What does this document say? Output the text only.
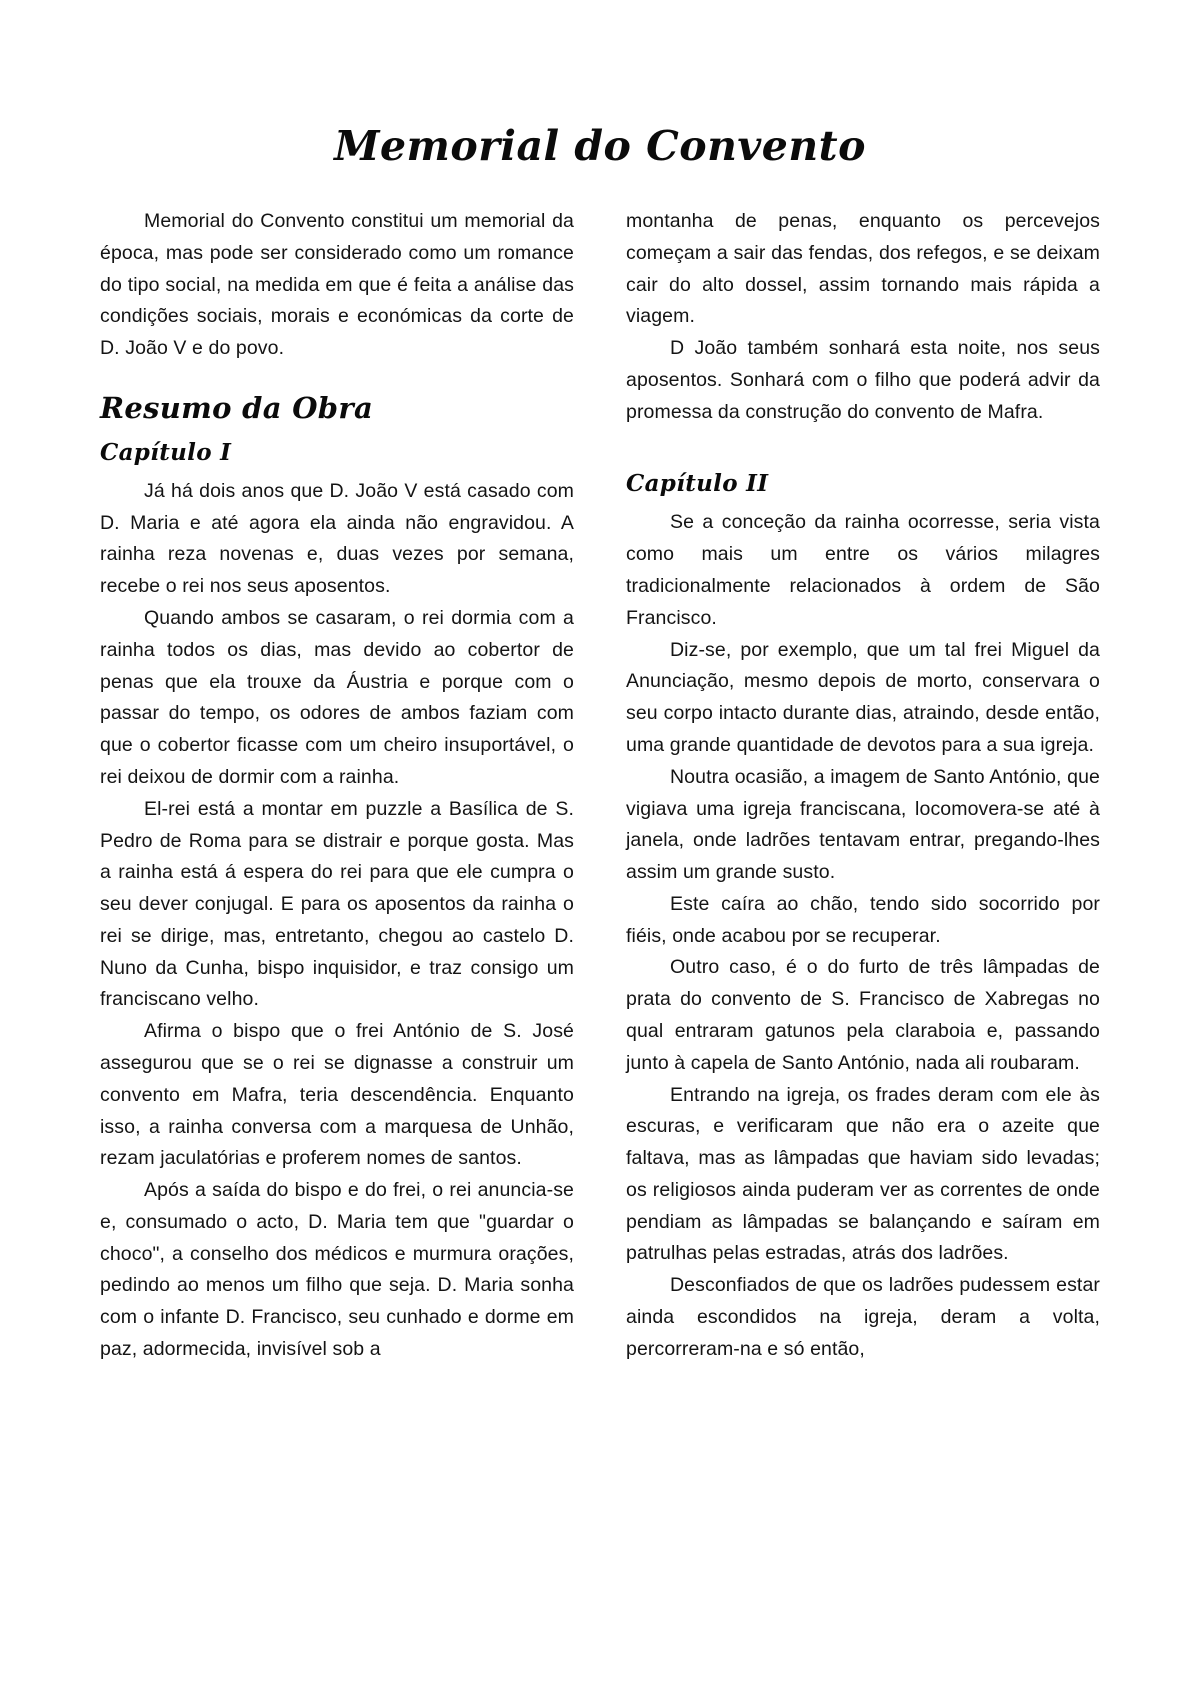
Memorial do Convento

Memorial do Convento constitui um memorial da época, mas pode ser considerado como um romance do tipo social, na medida em que é feita a análise das condições sociais, morais e económicas da corte de D. João V e do povo.

Resumo da Obra
Capítulo I

Já há dois anos que D. João V está casado com D. Maria e até agora ela ainda não engravidou. A rainha reza novenas e, duas vezes por semana, recebe o rei nos seus aposentos.

Quando ambos se casaram, o rei dormia com a rainha todos os dias, mas devido ao cobertor de penas que ela trouxe da Áustria e porque com o passar do tempo, os odores de ambos faziam com que o cobertor ficasse com um cheiro insuportável, o rei deixou de dormir com a rainha.

El-rei está a montar em puzzle a Basílica de S. Pedro de Roma para se distrair e porque gosta. Mas a rainha está á espera do rei para que ele cumpra o seu dever conjugal. E para os aposentos da rainha o rei se dirige, mas, entretanto, chegou ao castelo D. Nuno da Cunha, bispo inquisidor, e traz consigo um franciscano velho.

Afirma o bispo que o frei António de S. José assegurou que se o rei se dignasse a construir um convento em Mafra, teria descendência. Enquanto isso, a rainha conversa com a marquesa de Unhão, rezam jaculatórias e proferem nomes de santos.

Após a saída do bispo e do frei, o rei anuncia-se e, consumado o acto, D. Maria tem que "guardar o choco", a conselho dos médicos e murmura orações, pedindo ao menos um filho que seja. D. Maria sonha com o infante D. Francisco, seu cunhado e dorme em paz, adormecida, invisível sob a

montanha de penas, enquanto os percevejos começam a sair das fendas, dos refegos, e se deixam cair do alto dossel, assim tornando mais rápida a viagem.

D João também sonhará esta noite, nos seus aposentos. Sonhará com o filho que poderá advir da promessa da construção do convento de Mafra.

Capítulo II

Se a conceção da rainha ocorresse, seria vista como mais um entre os vários milagres tradicionalmente relacionados à ordem de São Francisco.

Diz-se, por exemplo, que um tal frei Miguel da Anunciação, mesmo depois de morto, conservara o seu corpo intacto durante dias, atraindo, desde então, uma grande quantidade de devotos para a sua igreja.

Noutra ocasião, a imagem de Santo António, que vigiava uma igreja franciscana, locomovera-se até à janela, onde ladrões tentavam entrar, pregando-lhes assim um grande susto.

Este caíra ao chão, tendo sido socorrido por fiéis, onde acabou por se recuperar.

Outro caso, é o do furto de três lâmpadas de prata do convento de S. Francisco de Xabregas no qual entraram gatunos pela claraboia e, passando junto à capela de Santo António, nada ali roubaram.

Entrando na igreja, os frades deram com ele às escuras, e verificaram que não era o azeite que faltava, mas as lâmpadas que haviam sido levadas; os religiosos ainda puderam ver as correntes de onde pendiam as lâmpadas se balançando e saíram em patrulhas pelas estradas, atrás dos ladrões.

Desconfiados de que os ladrões pudessem estar ainda escondidos na igreja, deram a volta, percorreram-na e só então,
